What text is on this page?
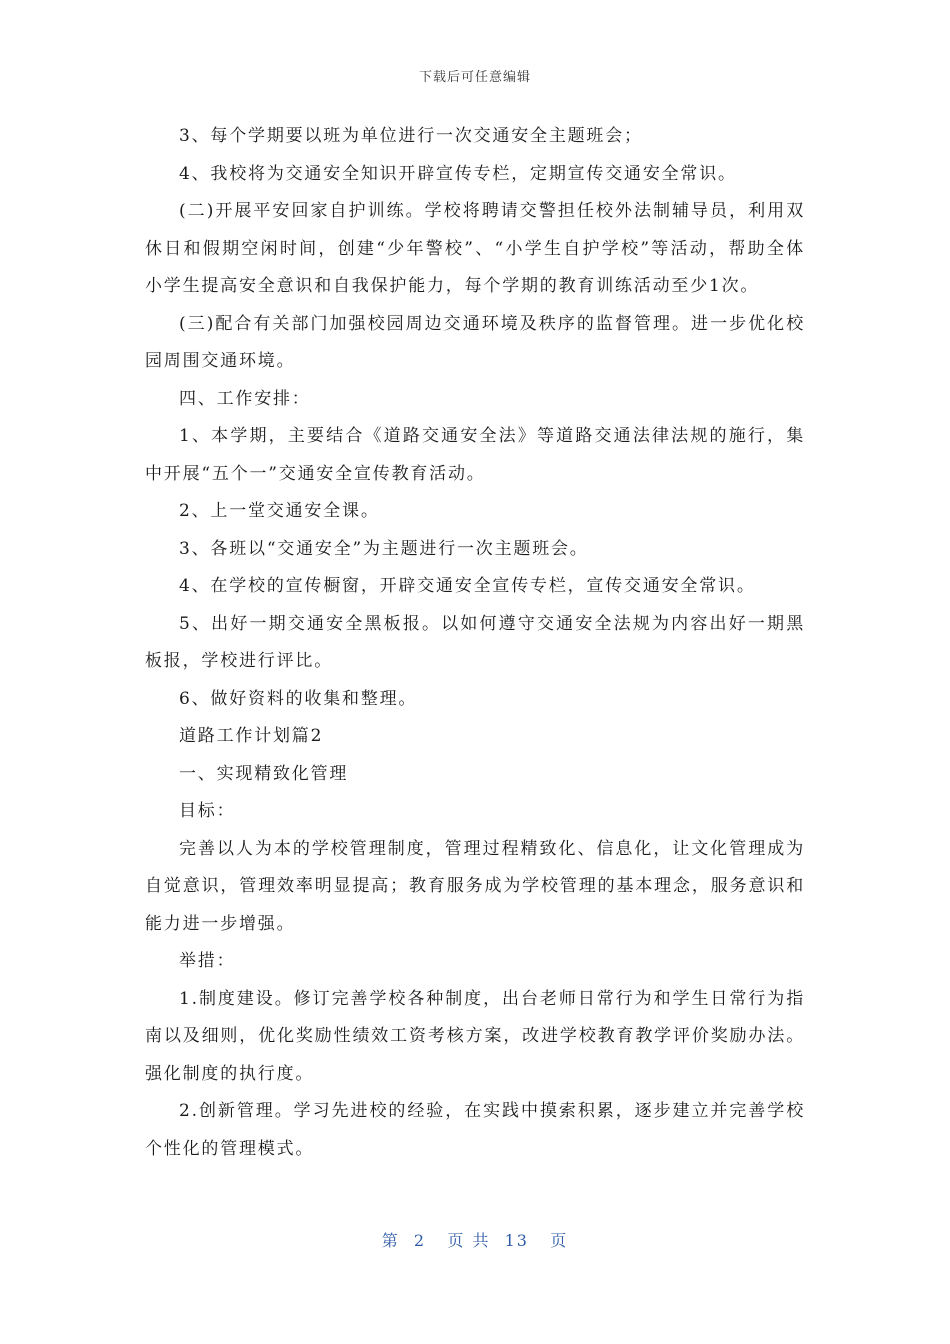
下载后可任意编辑

3、每个学期要以班为单位进行一次交通安全主题班会；

4、我校将为交通安全知识开辟宣传专栏，定期宣传交通安全常识。

(二)开展平安回家自护训练。学校将聘请交警担任校外法制辅导员，利用双休日和假期空闲时间，创建“少年警校”、“小学生自护学校”等活动，帮助全体小学生提高安全意识和自我保护能力，每个学期的教育训练活动至少1次。

(三)配合有关部门加强校园周边交通环境及秩序的监督管理。进一步优化校园周围交通环境。

四、工作安排：

1、本学期，主要结合《道路交通安全法》等道路交通法律法规的施行，集中开展“五个一”交通安全宣传教育活动。

2、上一堂交通安全课。

3、各班以“交通安全”为主题进行一次主题班会。

4、在学校的宣传橱窗，开辟交通安全宣传专栏，宣传交通安全常识。

5、出好一期交通安全黑板报。以如何遵守交通安全法规为内容出好一期黑板报，学校进行评比。

6、做好资料的收集和整理。

道路工作计划篇2

一、实现精致化管理

目标：

完善以人为本的学校管理制度，管理过程精致化、信息化，让文化管理成为自觉意识，管理效率明显提高；教育服务成为学校管理的基本理念，服务意识和能力进一步增强。

举措：

1.制度建设。修订完善学校各种制度，出台老师日常行为和学生日常行为指南以及细则，优化奖励性绩效工资考核方案，改进学校教育教学评价奖励办法。强化制度的执行度。

2.创新管理。学习先进校的经验，在实践中摸索积累，逐步建立并完善学校个性化的管理模式。

第  2   页 共  13   页
